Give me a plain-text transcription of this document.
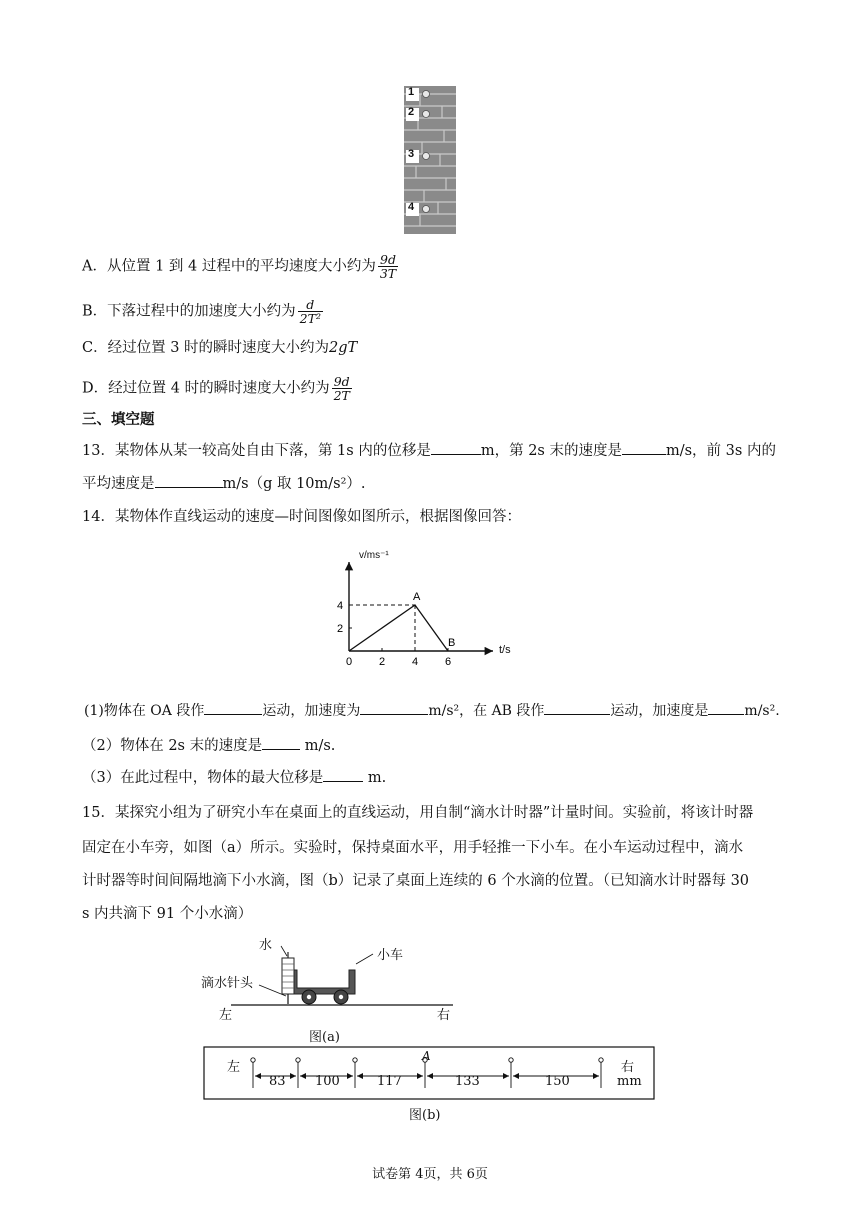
1
2
3
4
A．从位置 1 到 4 过程中的平均速度大小约为 $\frac{9d}{3T}$
B．下落过程中的加速度大小约为 $\frac{d}{\text{2T²}}$
C．经过位置 3 时的瞬时速度大小约为2gT
D．经过位置 4 时的瞬时速度大小约为 $\frac{9d}{2T}$
三、填空题
13．某物体从某一较高处自由下落，第 1s 内的位移是	m，第 2s 末的速度是	m/s，前 3s 内的
平均速度是	m/s（g 取 10m/s²）.
14．某物体作直线运动的速度—时间图像如图所示，根据图像回答：
0 2 4 6
2
4
A
B
v/ms⁻¹
t/s
(1)物体在 OA 段作	运动，加速度为	m/s²，在 AB 段作	运动，加速度是	m/s².
（2）物体在 2s 末的速度是	m/s.
（3）在此过程中，物体的最大位移是	m.
15．某探究小组为了研究小车在桌面上的直线运动，用自制“滴水计时器”计量时间。实验前，将该计时器
固定在小车旁，如图（a）所示。实验时，保持桌面水平，用手轻推一下小车。在小车运动过程中，滴水
计时器等时间间隔地滴下小水滴，图（b）记录了桌面上连续的 6 个水滴的位置。（已知滴水计时器每 30
s 内共滴下 91 个小水滴）
水
小车
滴水针头
左	右
图(a)
左	右
mm
A
83 100	117	133	150
图(b)
试卷第 4页，共 6页
